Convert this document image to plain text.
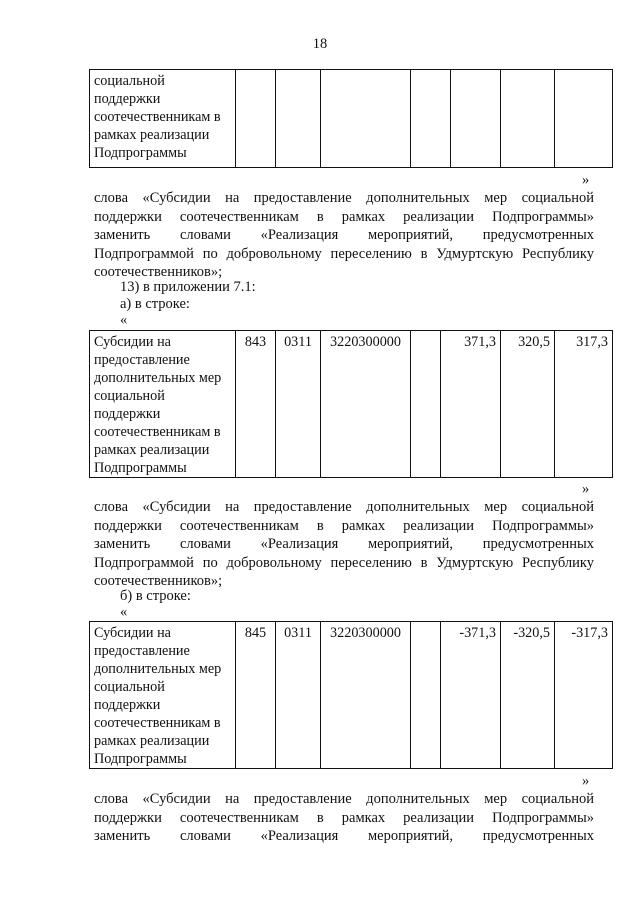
18
социальной поддержки соотечественникам в рамках реализации Подпрограммы							
»
слова «Субсидии на предоставление дополнительных мер социальной
поддержки соотечественникам в рамках реализации Подпрограммы»
заменить словами «Реализация мероприятий, предусмотренных
Подпрограммой по добровольному переселению в Удмуртскую Республику
соотечественников»;
13) в приложении 7.1:
а) в строке:
«
Субсидии на предоставление дополнительных мер социальной поддержки соотечественникам в рамках реализации Подпрограммы	843	0311	3220300000		371,3	320,5	317,3
»
слова «Субсидии на предоставление дополнительных мер социальной
поддержки соотечественникам в рамках реализации Подпрограммы»
заменить словами «Реализация мероприятий, предусмотренных
Подпрограммой по добровольному переселению в Удмуртскую Республику
соотечественников»;
б) в строке:
«
Субсидии на предоставление дополнительных мер социальной поддержки соотечественникам в рамках реализации Подпрограммы	845	0311	3220300000		-371,3	-320,5	-317,3
»
слова «Субсидии на предоставление дополнительных мер социальной
поддержки соотечественникам в рамках реализации Подпрограммы»
заменить словами «Реализация мероприятий, предусмотренных
